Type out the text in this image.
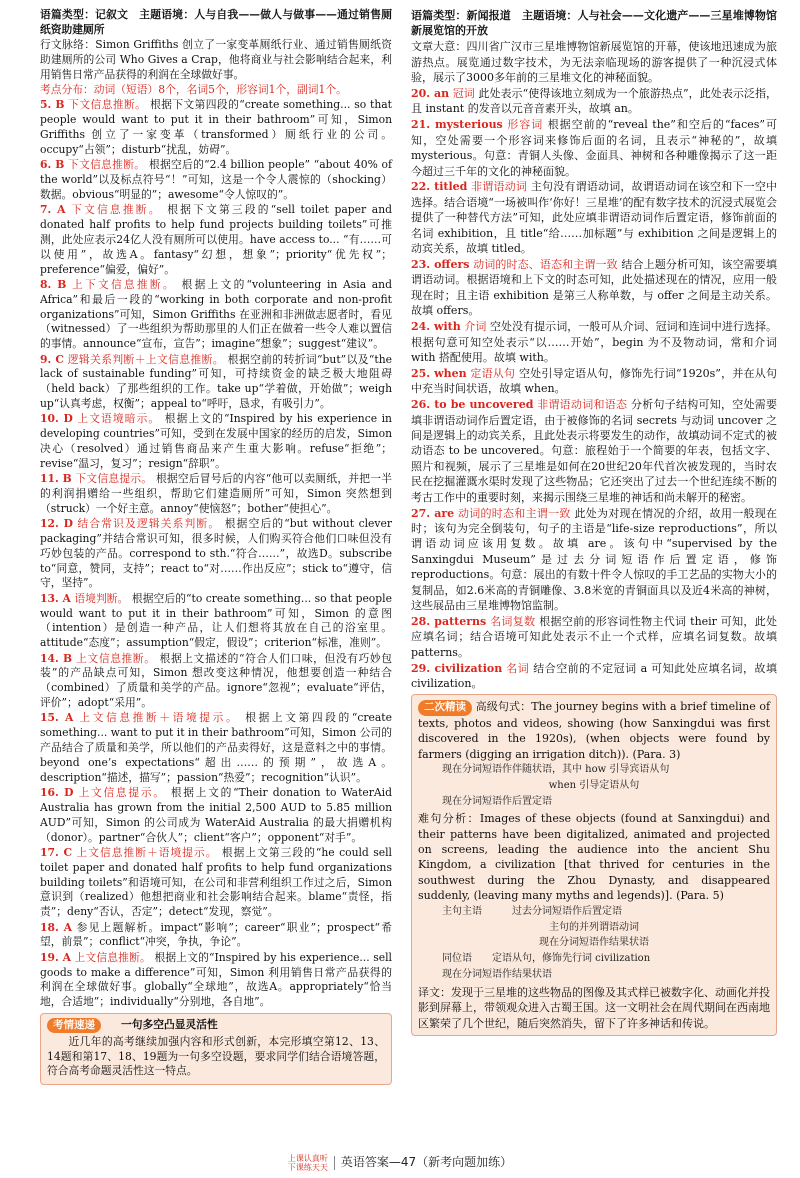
语篇类型：记叙文　主题语境：人与自我——做人与做事——通过销售厕纸资助建厕所

行文脉络：Simon Griffiths 创立了一家变革厕纸行业、通过销售厕纸资助建厕所的公司 Who Gives a Crap，他将商业与社会影响结合起来，利用销售日常产品获得的利润在全球做好事。

考点分布：动词（短语）8个，名词5个，形容词1个，副词1个。

5. B 下文信息推断。 根据下文第四段的“create something... so that people would want to put it in their bathroom”可知，Simon Griffiths 创立了一家变革（transformed）厕纸行业的公司。occupy“占领”；disturb“扰乱，妨碍”。

6. B 下文信息推断。 根据空后的“2.4 billion people” “about 40% of the world”以及标点符号“！”可知，这是一个令人震惊的（shocking）数据。obvious“明显的”；awesome“令人惊叹的”。

7. A 下文信息推断。 根据下文第三段的“sell toilet paper and donated half profits to help fund projects building toilets”可推测，此处应表示24亿人没有厕所可以使用。have access to... “有……可以使用”，故选A。fantasy“幻想，想象”；priority“优先权”；preference“偏爱，偏好”。

8. B 上下文信息推断。 根据上文的“volunteering in Asia and Africa”和最后一段的“working in both corporate and non-profit organizations”可知，Simon Griffiths 在亚洲和非洲做志愿者时，看见（witnessed）了一些组织为帮助那里的人们正在做着一些令人难以置信的事情。announce“宣布，宣告”；imagine“想象”；suggest“建议”。

9. C 逻辑关系判断＋上文信息推断。 根据空前的转折词“but”以及“the lack of sustainable funding”可知，可持续资金的缺乏极大地阻碍（held back）了那些组织的工作。take up“学着做，开始做”；weigh up“认真考虑，权衡”；appeal to“呼吁，恳求，有吸引力”。

10. D 上文语境暗示。 根据上文的“Inspired by his experience in developing countries”可知，受到在发展中国家的经历的启发，Simon 决心（resolved）通过销售商品来产生重大影响。refuse“拒绝”；revise“温习，复习”；resign“辞职”。

11. B 下文信息提示。 根据空后冒号后的内容“他可以卖厕纸，并把一半的利润捐赠给一些组织，帮助它们建造厕所”可知，Simon 突然想到（struck）一个好主意。annoy“使恼怒”；bother“使担心”。

12. D 结合常识及逻辑关系判断。 根据空后的“but without clever packaging”并结合常识可知，很多时候，人们购买符合他们口味但没有巧妙包装的产品。correspond to sth.“符合……”，故选D。subscribe to“同意，赞同，支持”；react to“对……作出反应”；stick to“遵守，信守，坚持”。

13. A 语境判断。 根据空后的“to create something... so that people would want to put it in their bathroom”可知，Simon 的意图（intention）是创造一种产品，让人们想将其放在自己的浴室里。attitude“态度”；assumption“假定，假设”；criterion“标准，准则”。

14. B 上文信息推断。 根据上文描述的“符合人们口味，但没有巧妙包装”的产品缺点可知，Simon 想改变这种情况，他想要创造一种结合（combined）了质量和美学的产品。ignore“忽视”；evaluate“评估，评价”；adopt“采用”。

15. A 上文信息推断＋语境提示。 根据上文第四段的“create something... want to put it in their bathroom”可知，Simon 公司的产品结合了质量和美学，所以他们的产品卖得好，这是意料之中的事情。beyond one’s expectations“超出……的预期”，故选A。description“描述，描写”；passion“热爱”；recognition“认识”。

16. D 上文信息提示。 根据上文的“Their donation to WaterAid Australia has grown from the initial 2,500 AUD to 5.85 million AUD”可知，Simon 的公司成为 WaterAid Australia 的最大捐赠机构（donor）。partner“合伙人”；client“客户”；opponent“对手”。

17. C 上文信息推断＋语境提示。 根据上文第三段的“he could sell toilet paper and donated half profits to help fund organizations building toilets”和语境可知，在公司和非营利组织工作过之后，Simon 意识到（realized）他想把商业和社会影响结合起来。blame“责怪，指责”；deny“否认，否定”；detect“发现，察觉”。

18. A 参见上题解析。impact“影响”；career“职业”；prospect“希望，前景”；conflict“冲突，争执，争论”。

19. A 上文信息推断。 根据上文的“Inspired by his experience... sell goods to make a difference”可知，Simon 利用销售日常产品获得的利润在全球做好事。globally“全球地”，故选A。appropriately“恰当地，合适地”；individually“分别地，各自地”。

考情速递 一句多空凸显灵活性

近几年的高考继续加强内容和形式创新，本完形填空第12、13、14题和第17、18、19题为一句多空设题，要求同学们结合语境答题，符合高考命题灵活性这一特点。

语篇类型：新闻报道　主题语境：人与社会——文化遗产——三星堆博物馆新展览馆的开放

文章大意：四川省广汉市三星堆博物馆新展览馆的开幕，使该地迅速成为旅游热点。展览通过数字技术，为无法亲临现场的游客提供了一种沉浸式体验，展示了3000多年前的三星堆文化的神秘面貌。

20. an 冠词 此处表示“使得该地立刻成为一个旅游热点”，此处表示泛指，且 instant 的发音以元音音素开头，故填 an。

21. mysterious 形容词 根据空前的“reveal the”和空后的“faces”可知，空处需要一个形容词来修饰后面的名词，且表示“神秘的”，故填 mysterious。句意：青铜人头像、金面具、神树和各种雕像揭示了这一距今超过三千年的文化的神秘面貌。

22. titled 非谓语动词 主句没有谓语动词，故谓语动词在该空和下一空中选择。结合语境“一场被叫作‘你好！三星堆’的配有数字技术的沉浸式展览会提供了一种替代方法”可知，此处应填非谓语动词作后置定语，修饰前面的名词 exhibition，且 title“给……加标题”与 exhibition 之间是逻辑上的动宾关系，故填 titled。

23. offers 动词的时态、语态和主谓一致 结合上题分析可知，该空需要填谓语动词。根据语境和上下文的时态可知，此处描述现在的情况，应用一般现在时；且主语 exhibition 是第三人称单数，与 offer 之间是主动关系。故填 offers。

24. with 介词 空处没有提示词，一般可从介词、冠词和连词中进行选择。根据句意可知空处表示“以……开始”，begin 为不及物动词，常和介词 with 搭配使用。故填 with。

25. when 定语从句 空处引导定语从句，修饰先行词“1920s”，并在从句中充当时间状语，故填 when。

26. to be uncovered 非谓语动词和语态 分析句子结构可知，空处需要填非谓语动词作后置定语，由于被修饰的名词 secrets 与动词 uncover 之间是逻辑上的动宾关系，且此处表示将要发生的动作，故填动词不定式的被动语态 to be uncovered。句意：旅程始于一个简要的年表，包括文字、照片和视频，展示了三星堆是如何在20世纪20年代首次被发现的，当时农民在挖掘灌溉水渠时发现了这些物品；它还突出了过去一个世纪连续不断的考古工作中的重要时刻，来揭示围绕三星堆的神话和尚未解开的秘密。

27. are 动词的时态和主谓一致 此处为对现在情况的介绍，故用一般现在时；该句为完全倒装句，句子的主语是“life-size reproductions”，所以谓语动词应该用复数。故填 are。该句中“supervised by the Sanxingdui Museum”是过去分词短语作后置定语，修饰 reproductions。句意：展出的有数十件令人惊叹的手工艺品的实物大小的复制品，如2.6米高的青铜雕像、3.8米宽的青铜面具以及近4米高的神树，这些展品由三星堆博物馆监制。

28. patterns 名词复数 根据空前的形容词性物主代词 their 可知，此处应填名词；结合语境可知此处表示不止一个式样，应填名词复数。故填 patterns。

29. civilization 名词 结合空前的不定冠词 a 可知此处应填名词，故填 civilization。

二次精读 高级句式：The journey begins with a brief timeline of texts, photos and videos, showing (how Sanxingdui was first discovered in the 1920s), (when objects were found by farmers (digging an irrigation ditch)). (Para. 3)

现在分词短语作伴随状语，其中 how 引导宾语从句

when 引导定语从句

现在分词短语作后置定语

难句分析：Images of these objects (found at Sanxingdui) and their patterns have been digitalized, animated and projected on screens, leading the audience into the ancient Shu Kingdom, a civilization [that thrived for centuries in the southwest during the Zhou Dynasty, and disappeared suddenly, (leaving many myths and legends)]. (Para. 5)

主句主语　　　过去分词短语作后置定语

主句的并列谓语动词

现在分词短语作结果状语

同位语　　定语从句，修饰先行词 civilization

现在分词短语作结果状语

译文：发现于三星堆的这些物品的图像及其式样已被数字化、动画化并投影到屏幕上，带领观众进入古蜀王国。这一文明社会在周代期间在西南地区繁荣了几个世纪，随后突然消失，留下了许多神话和传说。

上课认真听
下课练天天 英语答案—47（新考向题加练）
